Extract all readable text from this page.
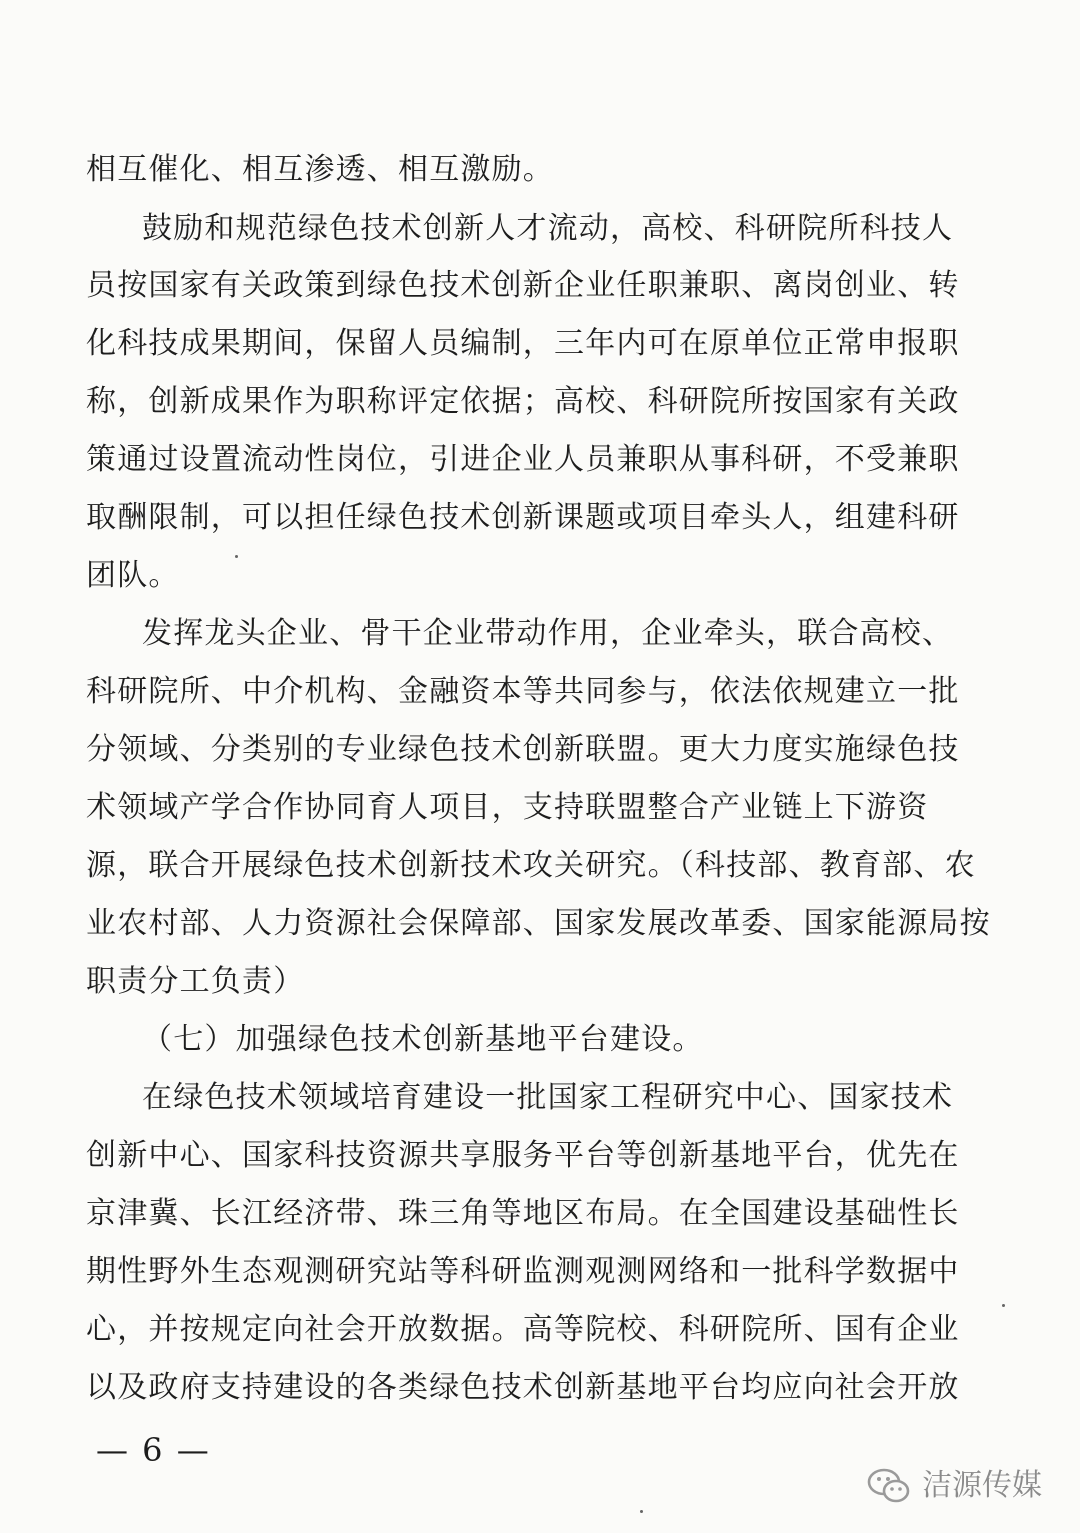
相互催化、相互渗透、相互激励。
鼓励和规范绿色技术创新人才流动，高校、科研院所科技人
员按国家有关政策到绿色技术创新企业任职兼职、离岗创业、转
化科技成果期间，保留人员编制，三年内可在原单位正常申报职
称，创新成果作为职称评定依据；高校、科研院所按国家有关政
策通过设置流动性岗位，引进企业人员兼职从事科研，不受兼职
取酬限制，可以担任绿色技术创新课题或项目牵头人，组建科研
团队。
发挥龙头企业、骨干企业带动作用，企业牵头，联合高校、
科研院所、中介机构、金融资本等共同参与，依法依规建立一批
分领域、分类别的专业绿色技术创新联盟。更大力度实施绿色技
术领域产学合作协同育人项目，支持联盟整合产业链上下游资
源，联合开展绿色技术创新技术攻关研究。（科技部、教育部、农
业农村部、人力资源社会保障部、国家发展改革委、国家能源局按
职责分工负责）
（七）加强绿色技术创新基地平台建设。
在绿色技术领域培育建设一批国家工程研究中心、国家技术
创新中心、国家科技资源共享服务平台等创新基地平台，优先在
京津冀、长江经济带、珠三角等地区布局。在全国建设基础性长
期性野外生态观测研究站等科研监测观测网络和一批科学数据中
心，并按规定向社会开放数据。高等院校、科研院所、国有企业
以及政府支持建设的各类绿色技术创新基地平台均应向社会开放
— 6 —
洁源传媒
